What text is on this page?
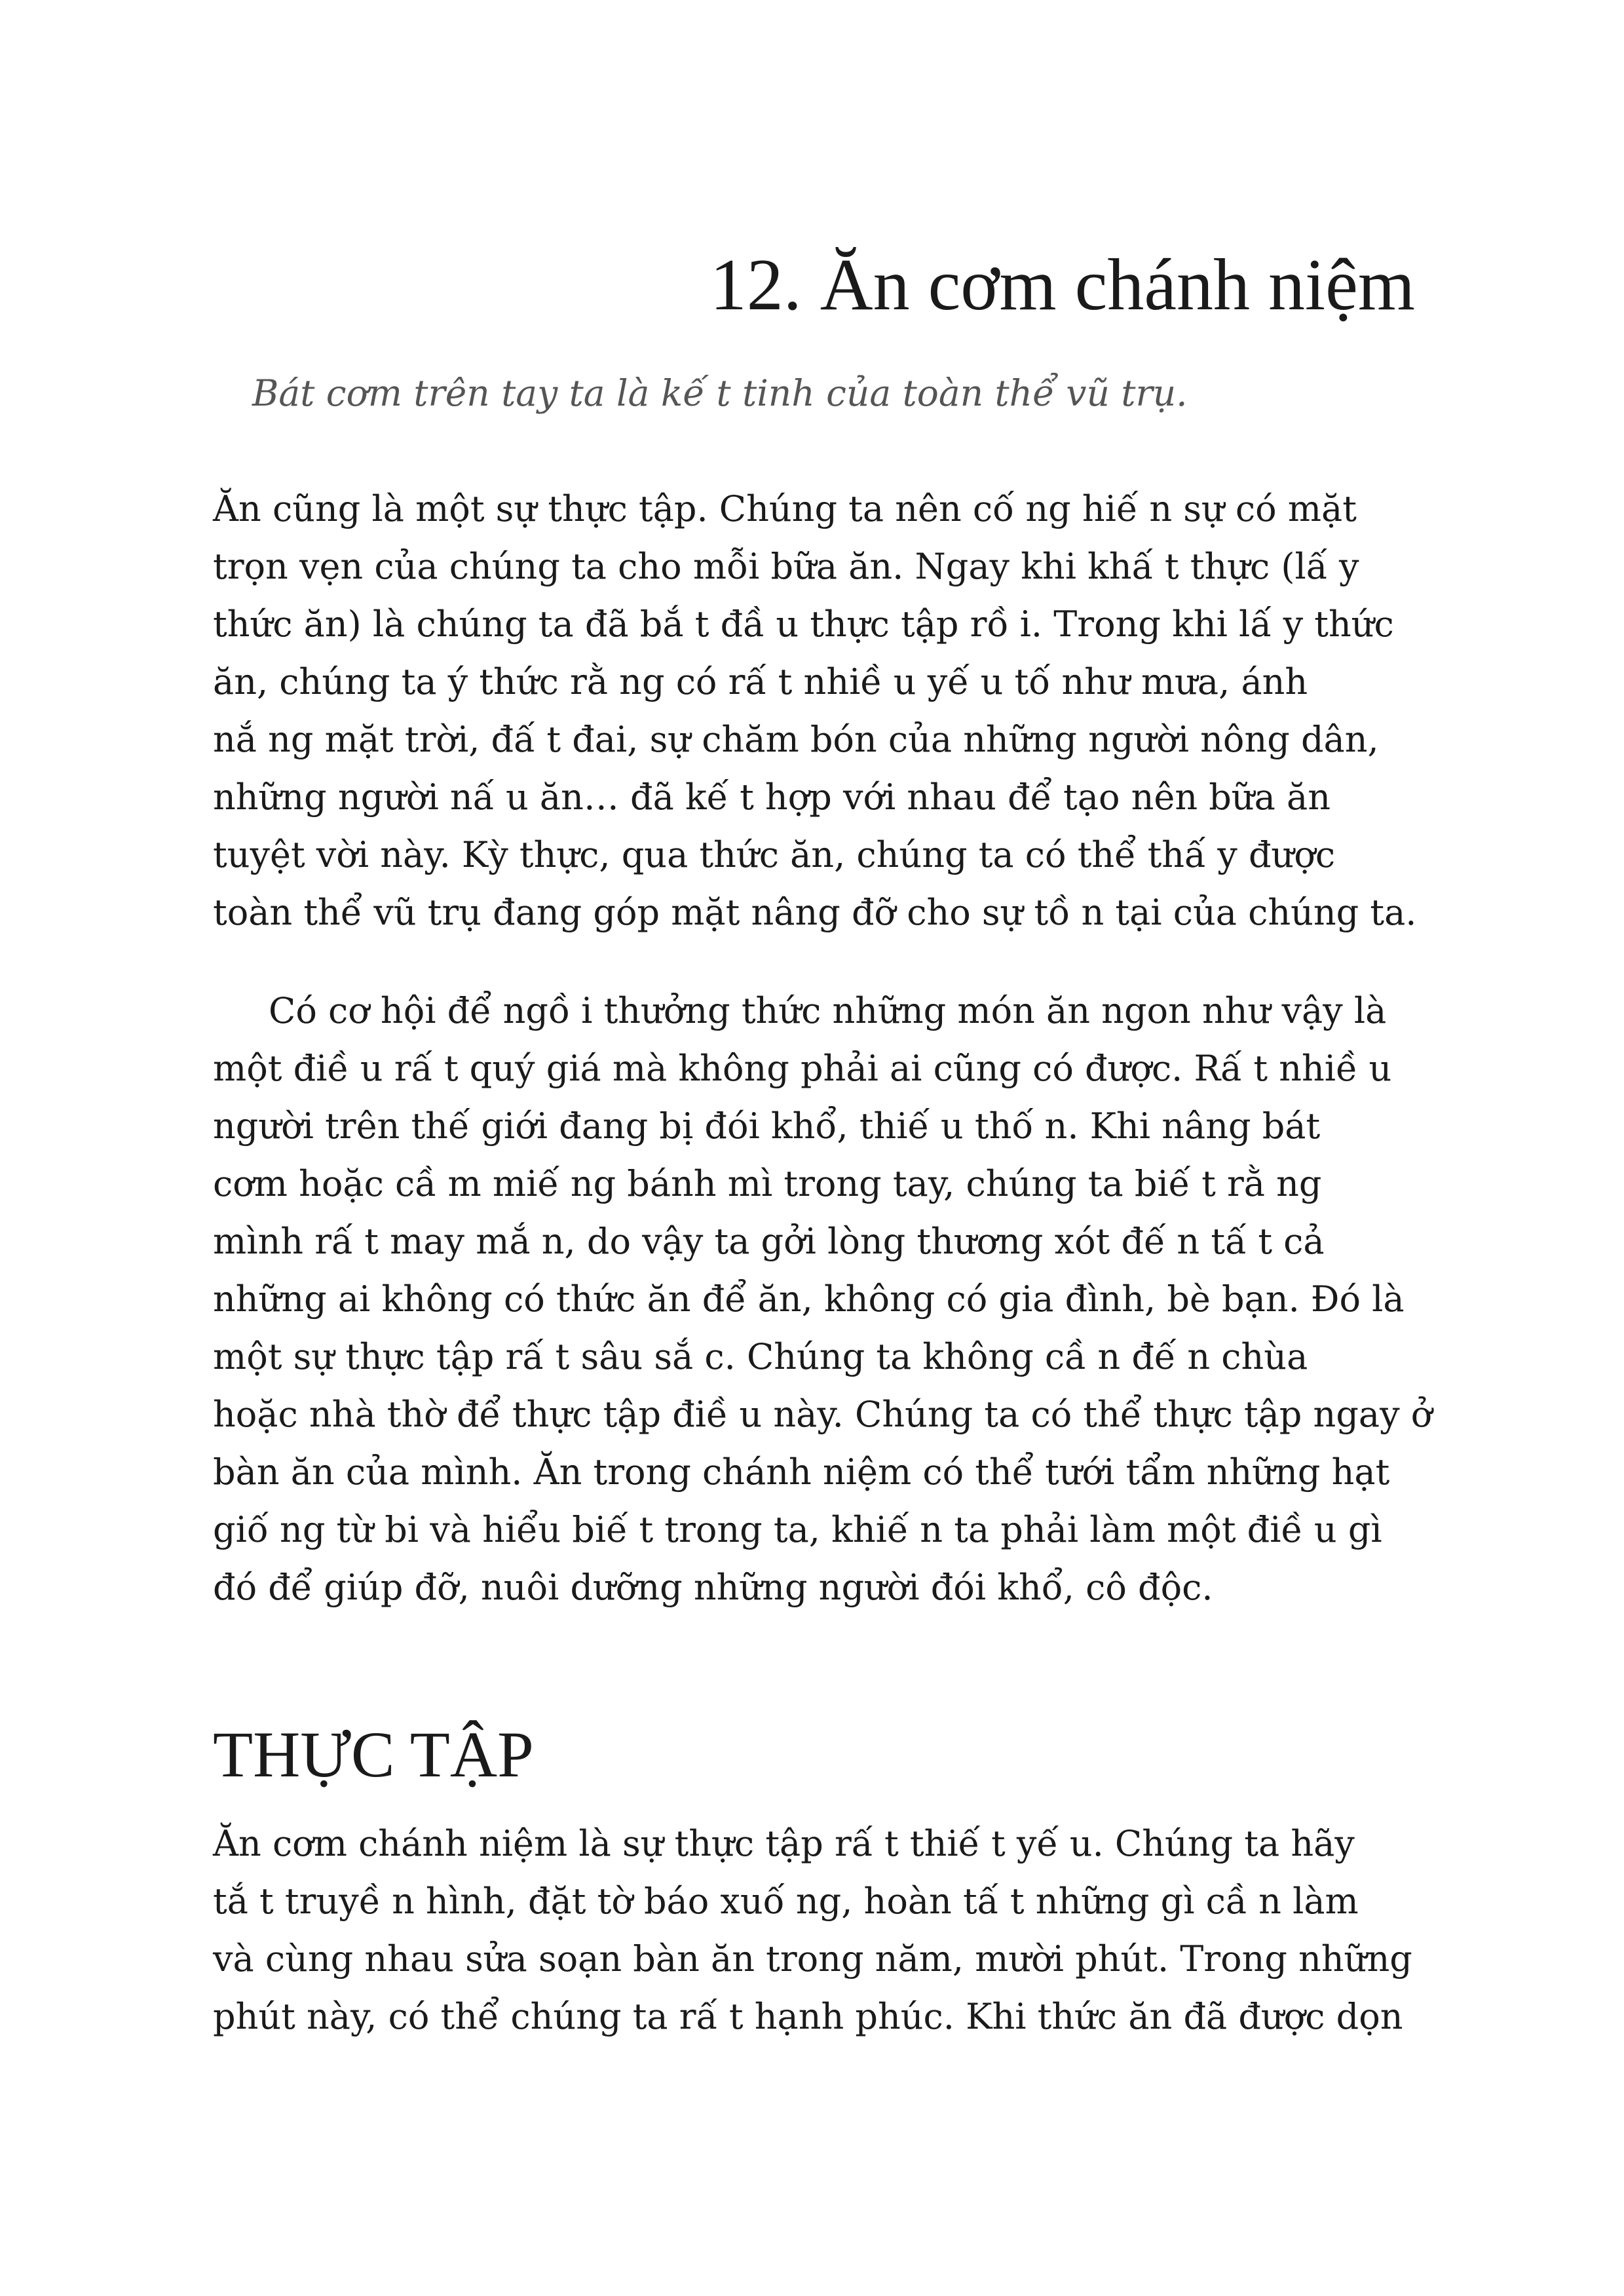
12. Ăn cơm chánh niệm

Bát cơm trên tay ta là kế t tinh của toàn thể vũ trụ.

Ăn cũng là một sự thực tập. Chúng ta nên cố ng hiế n sự có mặt
trọn vẹn của chúng ta cho mỗi bữa ăn. Ngay khi khấ t thực (lấ y
thức ăn) là chúng ta đã bắ t đầ u thực tập rồ i. Trong khi lấ y thức
ăn, chúng ta ý thức rằ ng có rấ t nhiề u yế u tố như mưa, ánh
nắ ng mặt trời, đấ t đai, sự chăm bón của những người nông dân,
những người nấ u ăn… đã kế t hợp với nhau để tạo nên bữa ăn
tuyệt vời này. Kỳ thực, qua thức ăn, chúng ta có thể thấ y được
toàn thể vũ trụ đang góp mặt nâng đỡ cho sự tồ n tại của chúng ta.
Có cơ hội để ngồ i thưởng thức những món ăn ngon như vậy là
một điề u rấ t quý giá mà không phải ai cũng có được. Rấ t nhiề u
người trên thế giới đang bị đói khổ, thiế u thố n. Khi nâng bát
cơm hoặc cầ m miế ng bánh mì trong tay, chúng ta biế t rằ ng
mình rấ t may mắ n, do vậy ta gởi lòng thương xót đế n tấ t cả
những ai không có thức ăn để ăn, không có gia đình, bè bạn. Đó là
một sự thực tập rấ t sâu sắ c. Chúng ta không cầ n đế n chùa
hoặc nhà thờ để thực tập điề u này. Chúng ta có thể thực tập ngay ở
bàn ăn của mình. Ăn trong chánh niệm có thể tưới tẩm những hạt
giố ng từ bi và hiểu biế t trong ta, khiế n ta phải làm một điề u gì
đó để giúp đỡ, nuôi dưỡng những người đói khổ, cô độc.
THỰC TẬP
Ăn cơm chánh niệm là sự thực tập rấ t thiế t yế u. Chúng ta hãy
tắ t truyề n hình, đặt tờ báo xuố ng, hoàn tấ t những gì cầ n làm
và cùng nhau sửa soạn bàn ăn trong năm, mười phút. Trong những
phút này, có thể chúng ta rấ t hạnh phúc. Khi thức ăn đã được dọn
